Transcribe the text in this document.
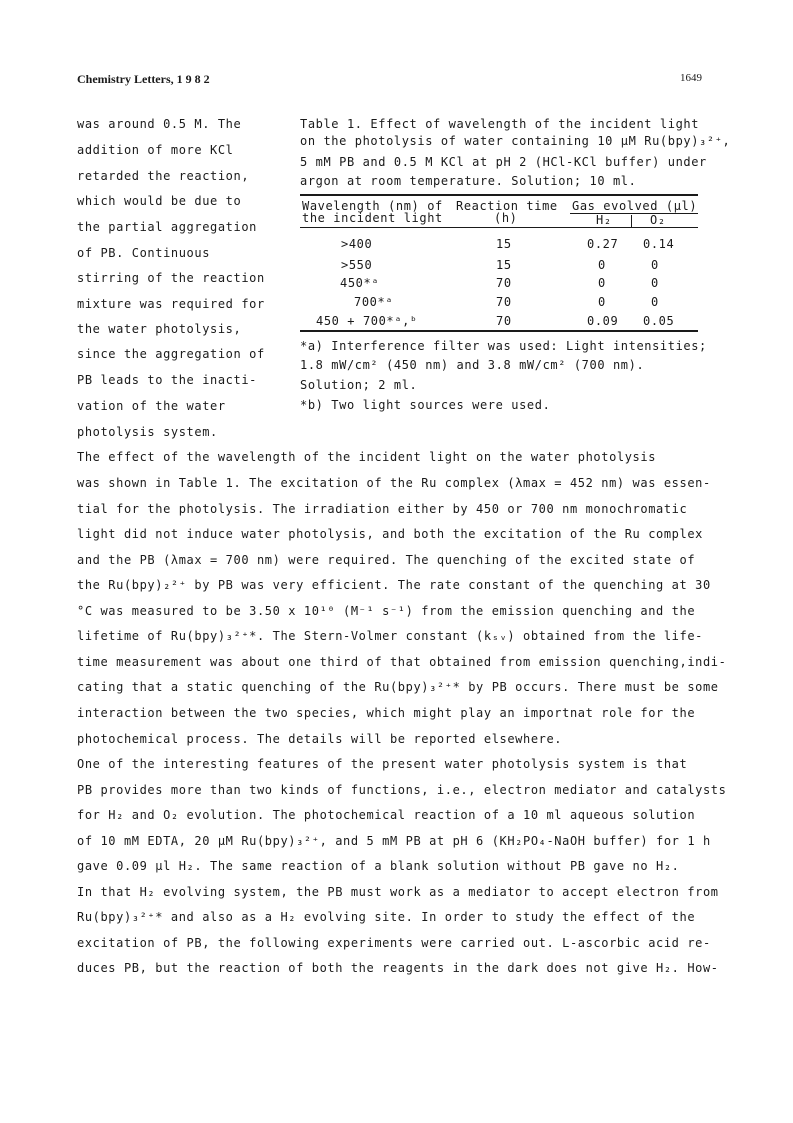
Chemistry Letters, 1 9 8 2	1649
was around 0.5 M. The
addition of more KCl
retarded the reaction,
which would be due to
the partial aggregation
of PB. Continuous
stirring of the reaction
mixture was required for
the water photolysis,
since the aggregation of
PB leads to the inacti-
vation of the water
photolysis system.
Table 1. Effect of wavelength of the incident light
on the photolysis of water containing 10 μM Ru(bpy)₃²⁺,
5 mM PB and 0.5 M KCl at pH 2 (HCl-KCl buffer) under
argon at room temperature. Solution; 10 ml.
Wavelength (nm) of
the incident light
Reaction time
(h)
Gas evolved (μl)
H₂	O₂
>400	15	0.27 0.14
>550	15	0	0
450*ᵃ	70	0	0
700*ᵃ	70	0	0
450 + 700*ᵃ,ᵇ	70	0.09 0.05
*a) Interference filter was used: Light intensities;
1.8 mW/cm² (450 nm) and 3.8 mW/cm² (700 nm).
Solution; 2 ml.
*b) Two light sources were used.
The effect of the wavelength of the incident light on the water photolysis
was shown in Table 1. The excitation of the Ru complex (λmax = 452 nm) was essen-
tial for the photolysis. The irradiation either by 450 or 700 nm monochromatic
light did not induce water photolysis, and both the excitation of the Ru complex
and the PB (λmax = 700 nm) were required. The quenching of the excited state of
the Ru(bpy)₂²⁺ by PB was very efficient. The rate constant of the quenching at 30
°C was measured to be 3.50 x 10¹⁰ (M⁻¹ s⁻¹) from the emission quenching and the
lifetime of Ru(bpy)₃²⁺*. The Stern-Volmer constant (kₛᵥ) obtained from the life-
time measurement was about one third of that obtained from emission quenching,indi-
cating that a static quenching of the Ru(bpy)₃²⁺* by PB occurs. There must be some
interaction between the two species, which might play an importnat role for the
photochemical process. The details will be reported elsewhere.
One of the interesting features of the present water photolysis system is that
PB provides more than two kinds of functions, i.e., electron mediator and catalysts
for H₂ and O₂ evolution. The photochemical reaction of a 10 ml aqueous solution
of 10 mM EDTA, 20 μM Ru(bpy)₃²⁺, and 5 mM PB at pH 6 (KH₂PO₄-NaOH buffer) for 1 h
gave 0.09 μl H₂. The same reaction of a blank solution without PB gave no H₂.
In that H₂ evolving system, the PB must work as a mediator to accept electron from
Ru(bpy)₃²⁺* and also as a H₂ evolving site. In order to study the effect of the
excitation of PB, the following experiments were carried out. L-ascorbic acid re-
duces PB, but the reaction of both the reagents in the dark does not give H₂. How-
